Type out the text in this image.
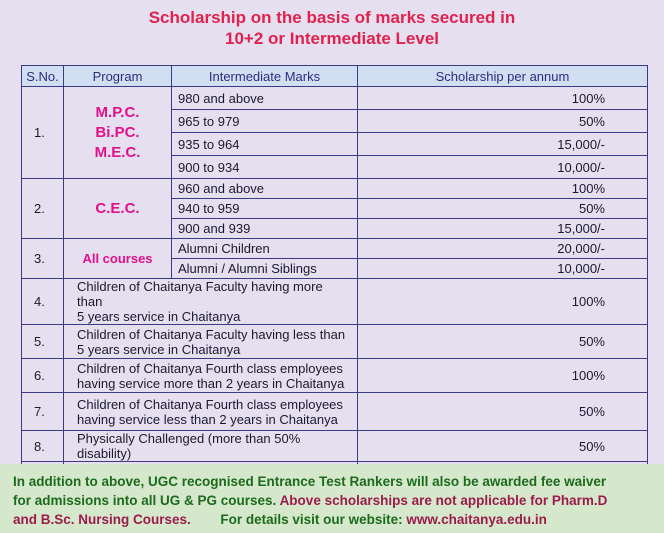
Scholarship on the basis of marks secured in
10+2 or Intermediate Level
S.No.	Program	Intermediate Marks	Scholarship per annum
1.	M.P.C.
Bi.PC.
M.E.C.	980 and above	100%
		965 to 979	50%
		935 to 964	15,000/-
		900 to 934	10,000/-
2.	C.E.C.	960 and above	100%
		940 to 959	50%
		900 and 939	15,000/-
3.	All courses	Alumni Children	20,000/-
		Alumni / Alumni Siblings	10,000/-
4.	Children of Chaitanya Faculty having more than
5 years service in Chaitanya		100%
5.	Children of Chaitanya Faculty having less than
5 years service in Chaitanya		50%
6.	Children of Chaitanya Fourth class employees
having service more than 2 years in Chaitanya		100%
7.	Children of Chaitanya Fourth class employees
having service less than 2 years in Chaitanya		50%
8.	Physically Challenged (more than 50% disability)		50%

In addition to above, UGC recognised Entrance Test Rankers will also be awarded fee waiver
for admissions into all UG & PG courses. Above scholarships are not applicable for Pharm.D
and B.Sc. Nursing Courses. For details visit our website: www.chaitanya.edu.in
